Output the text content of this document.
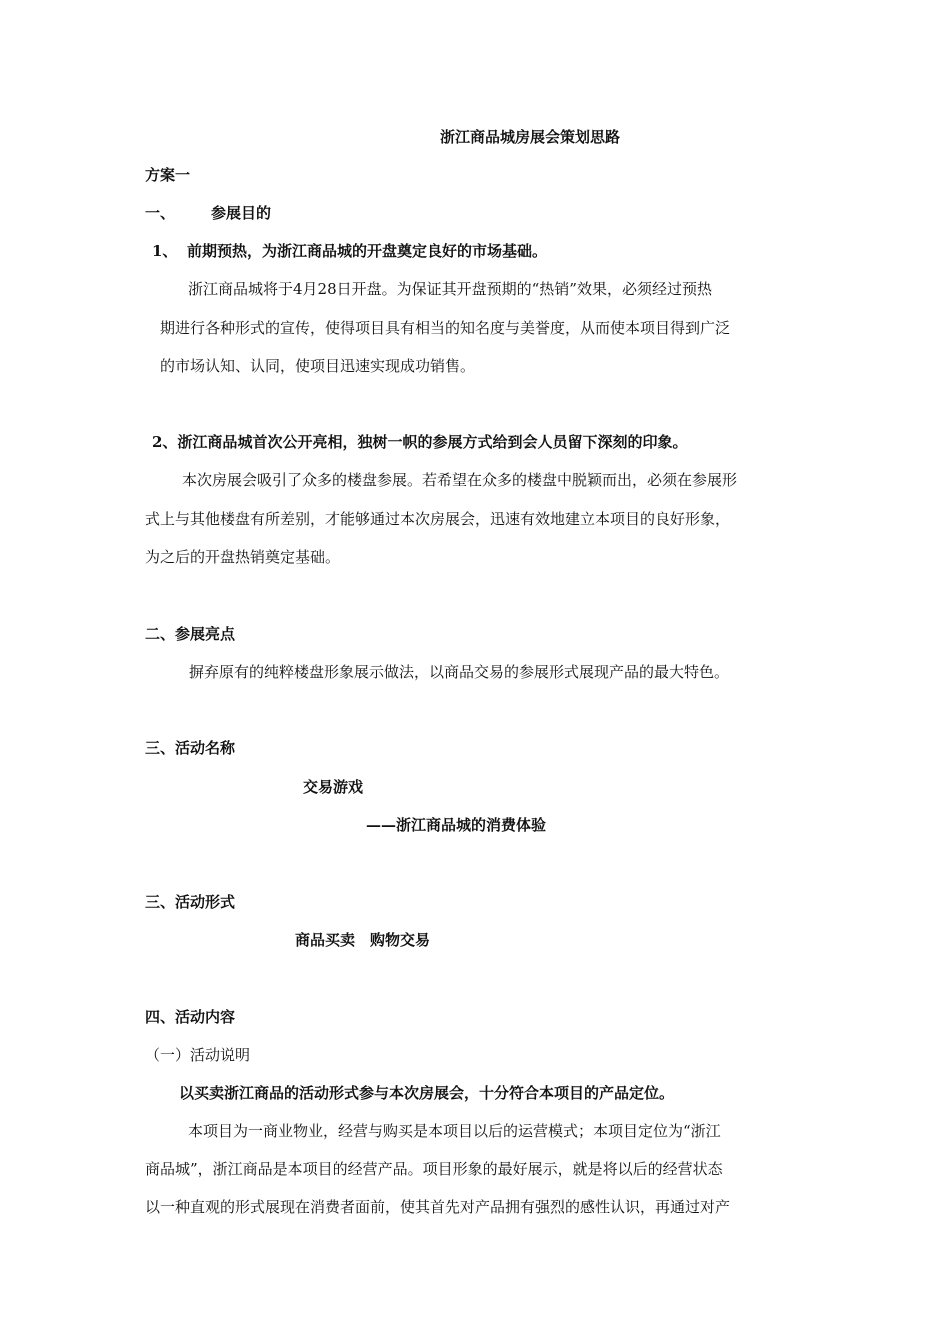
浙江商品城房展会策划思路
方案一
一、 参展目的
1、 前期预热，为浙江商品城的开盘奠定良好的市场基础。
浙江商品城将于4月28日开盘。为保证其开盘预期的“热销”效果，必须经过预热
期进行各种形式的宣传，使得项目具有相当的知名度与美誉度，从而使本项目得到广泛
的市场认知、认同，使项目迅速实现成功销售。
2、浙江商品城首次公开亮相，独树一帜的参展方式给到会人员留下深刻的印象。
本次房展会吸引了众多的楼盘参展。若希望在众多的楼盘中脱颖而出，必须在参展形
式上与其他楼盘有所差别，才能够通过本次房展会，迅速有效地建立本项目的良好形象，
为之后的开盘热销奠定基础。
二、参展亮点
摒弃原有的纯粹楼盘形象展示做法，以商品交易的参展形式展现产品的最大特色。
三、活动名称
交易游戏
——浙江商品城的消费体验
三、活动形式
商品买卖　购物交易
四、活动内容
（一）活动说明
以买卖浙江商品的活动形式参与本次房展会，十分符合本项目的产品定位。
本项目为一商业物业，经营与购买是本项目以后的运营模式；本项目定位为“浙江
商品城”，浙江商品是本项目的经营产品。项目形象的最好展示，就是将以后的经营状态
以一种直观的形式展现在消费者面前，使其首先对产品拥有强烈的感性认识，再通过对产
